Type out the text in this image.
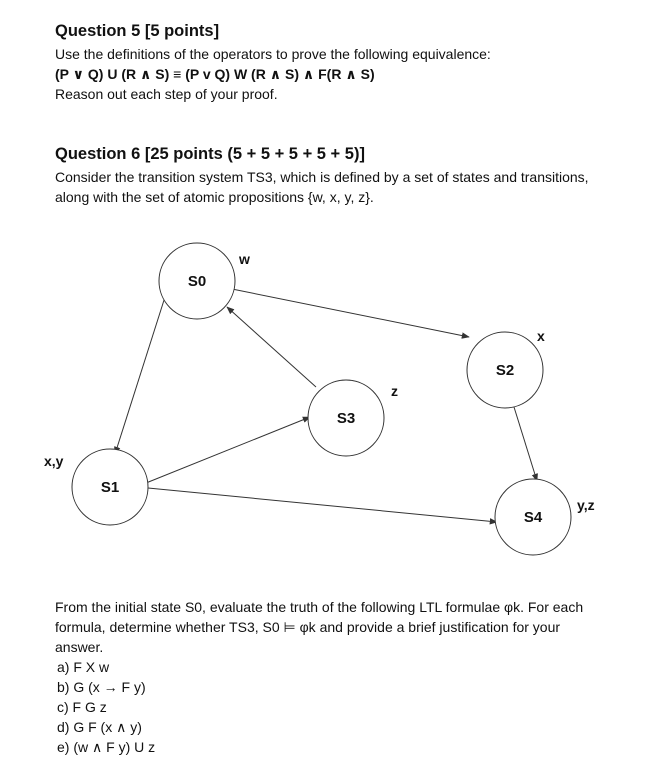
Question 5 [5 points]
Use the definitions of the operators to prove the following equivalence:
(P ∨ Q) U (R ∧ S) ≡ (P v Q) W (R ∧ S) ∧ F(R ∧ S)
Reason out each step of your proof.
Question 6 [25 points (5 + 5 + 5 + 5 + 5)]
Consider the transition system TS3, which is defined by a set of states and transitions,
along with the set of atomic propositions {w, x, y, z}.
S0
S1
S2
S3
S4
w
x,y
x
z
y,z
From the initial state S0, evaluate the truth of the following LTL formulae φk. For each
formula, determine whether TS3, S0 ⊨ φk and provide a brief justification for your
answer.
a) F X w
b) G (x → F y)
c) F G z
d) G F (x ∧ y)
e) (w ∧ F y) U z
